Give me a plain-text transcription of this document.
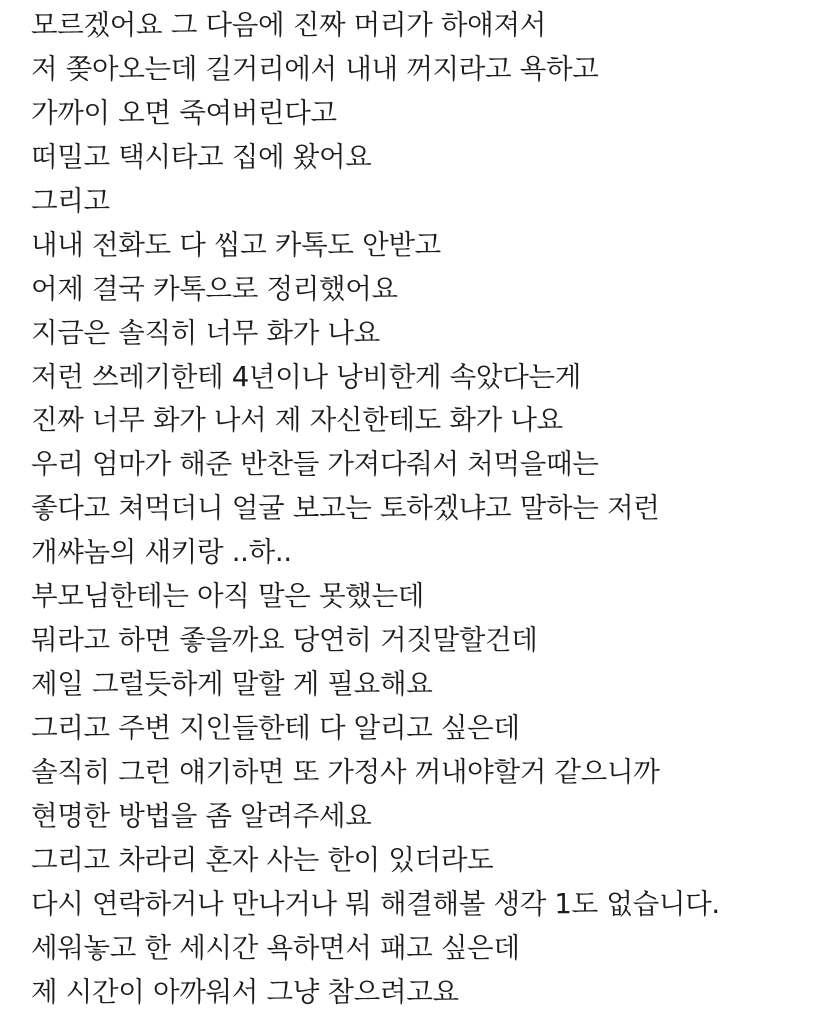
모르겠어요 그 다음에 진짜 머리가 하얘져서
저 쫒아오는데 길거리에서 내내 꺼지라고 욕하고
가까이 오면 죽여버린다고
떠밀고 택시타고 집에 왔어요
그리고
내내 전화도 다 씹고 카톡도 안받고
어제 결국 카톡으로 정리했어요
지금은 솔직히 너무 화가 나요
저런 쓰레기한테 4년이나 낭비한게 속았다는게
진짜 너무 화가 나서 제 자신한테도 화가 나요
우리 엄마가 해준 반찬들 가져다줘서 처먹을때는
좋다고 쳐먹더니 얼굴 보고는 토하겠냐고 말하는 저런
개쌰놈의 새키랑 ..하..
부모님한테는 아직 말은 못했는데
뭐라고 하면 좋을까요 당연히 거짓말할건데
제일 그럴듯하게 말할 게 필요해요
그리고 주변 지인들한테 다 알리고 싶은데
솔직히 그런 얘기하면 또 가정사 꺼내야할거 같으니까
현명한 방법을 좀 알려주세요
그리고 차라리 혼자 사는 한이 있더라도
다시 연락하거나 만나거나 뭐 해결해볼 생각 1도 없습니다.
세워놓고 한 세시간 욕하면서 패고 싶은데
제 시간이 아까워서 그냥 참으려고요
